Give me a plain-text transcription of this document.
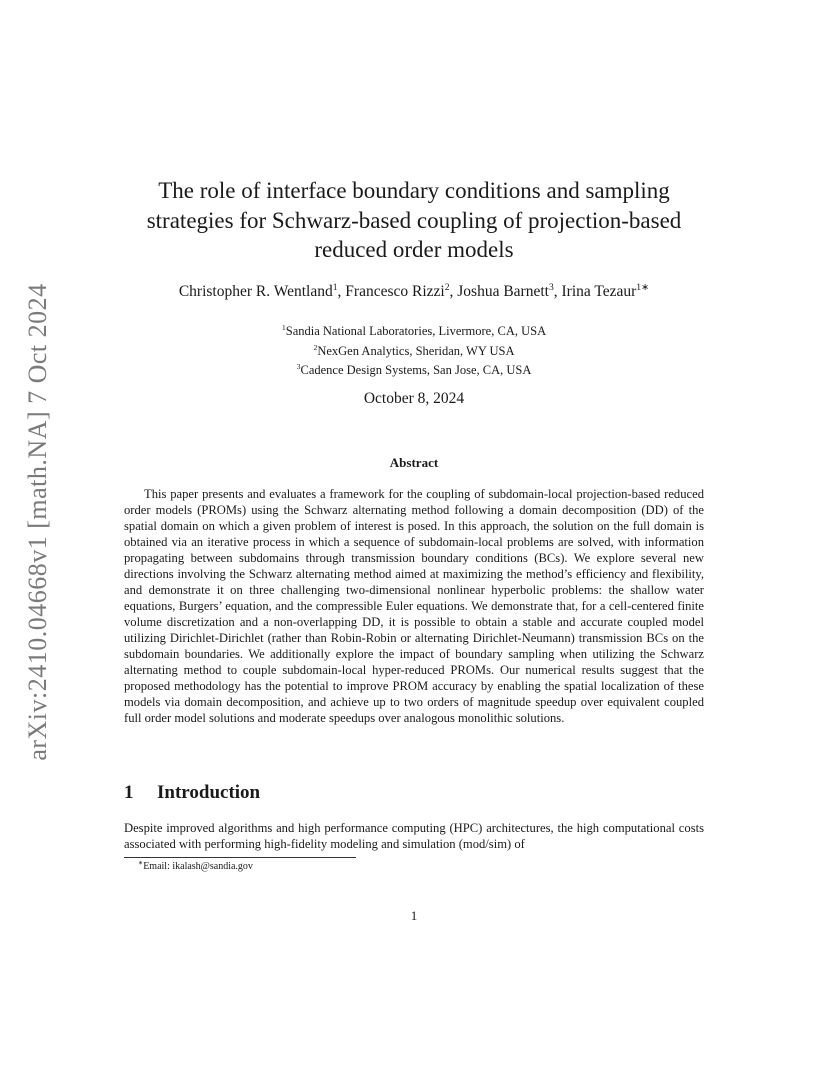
arXiv:2410.04668v1 [math.NA] 7 Oct 2024
The role of interface boundary conditions and sampling strategies for Schwarz-based coupling of projection-based reduced order models
Christopher R. Wentland$^1$, Francesco Rizzi$^2$, Joshua Barnett$^3$, Irina Tezaur$^{1∗}$
$^1$Sandia National Laboratories, Livermore, CA, USA
$^2$NexGen Analytics, Sheridan, WY USA
$^3$Cadence Design Systems, San Jose, CA, USA
October 8, 2024
Abstract

This paper presents and evaluates a framework for the coupling of subdomain-local projection-based reduced order models (PROMs) using the Schwarz alternating method following a domain decomposition (DD) of the spatial domain on which a given problem of interest is posed. In this approach, the solution on the full domain is obtained via an iterative process in which a sequence of subdomain-local problems are solved, with information propagating between subdomains through transmission boundary conditions (BCs). We explore several new directions involving the Schwarz alternating method aimed at maximizing the method’s efficiency and flexibility, and demonstrate it on three challenging two-dimensional nonlinear hyperbolic problems: the shallow water equations, Burgers’ equation, and the compressible Euler equations. We demonstrate that, for a cell-centered finite volume discretization and a non-overlapping DD, it is possible to obtain a stable and accurate coupled model utilizing Dirichlet-Dirichlet (rather than Robin-Robin or alternating Dirichlet-Neumann) transmission BCs on the subdomain boundaries. We additionally explore the impact of boundary sampling when utilizing the Schwarz alternating method to couple subdomain-local hyper-reduced PROMs. Our numerical results suggest that the proposed methodology has the potential to improve PROM accuracy by enabling the spatial localization of these models via domain decomposition, and achieve up to two orders of magnitude speedup over equivalent coupled full order model solutions and moderate speedups over analogous monolithic solutions.

1 Introduction

Despite improved algorithms and high performance computing (HPC) architectures, the high computational costs associated with performing high-fidelity modeling and simulation (mod/sim) of

∗Email: ikalash@sandia.gov
1
